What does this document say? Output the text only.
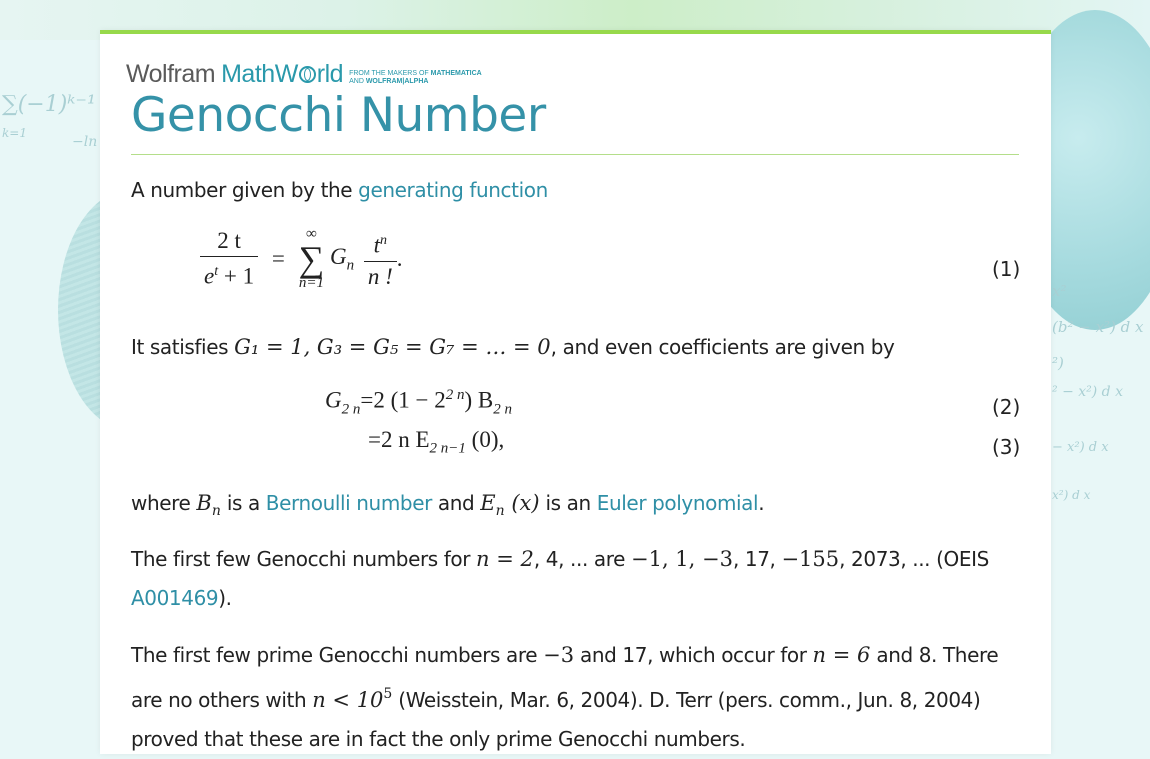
∑(−1)ᵏ⁻¹
k=1
−ln
x²
(b² − x²) d x
²)
² − x²) d x
− x²) d x
x²) d x
Wolfram MathW rld FROM THE MAKERS OF MATHEMATICA
AND WOLFRAM|ALPHA
Genocchi Number

A number given by the generating function

$\frac{2 t}{e^t + 1}$ =
∞
∑
n=1
$G_n \frac{t^n}{n !}$ .	(1)

It satisfies G₁ = 1, G₃ = G₅ = G₇ = … = 0, and even coefficients are given by

$G_{2 n}=2$ $(1 - 2^{2 n})$ $B_{2 n}$	(2)
=2 n $E_{2 n-1}$ (0),	(3)

where $B_n$ is a Bernoulli number and $E_n$ (x) is an Euler polynomial.

The first few Genocchi numbers for n = 2, 4, ... are −1, 1, −3, 17, −155, 2073, ... (OEIS A001469).

The first few prime Genocchi numbers are −3 and 17, which occur for n = 6 and 8. There are no others with $n < 10^5$ (Weisstein, Mar. 6, 2004). D. Terr (pers. comm., Jun. 8, 2004) proved that these are in fact the only prime Genocchi numbers.
